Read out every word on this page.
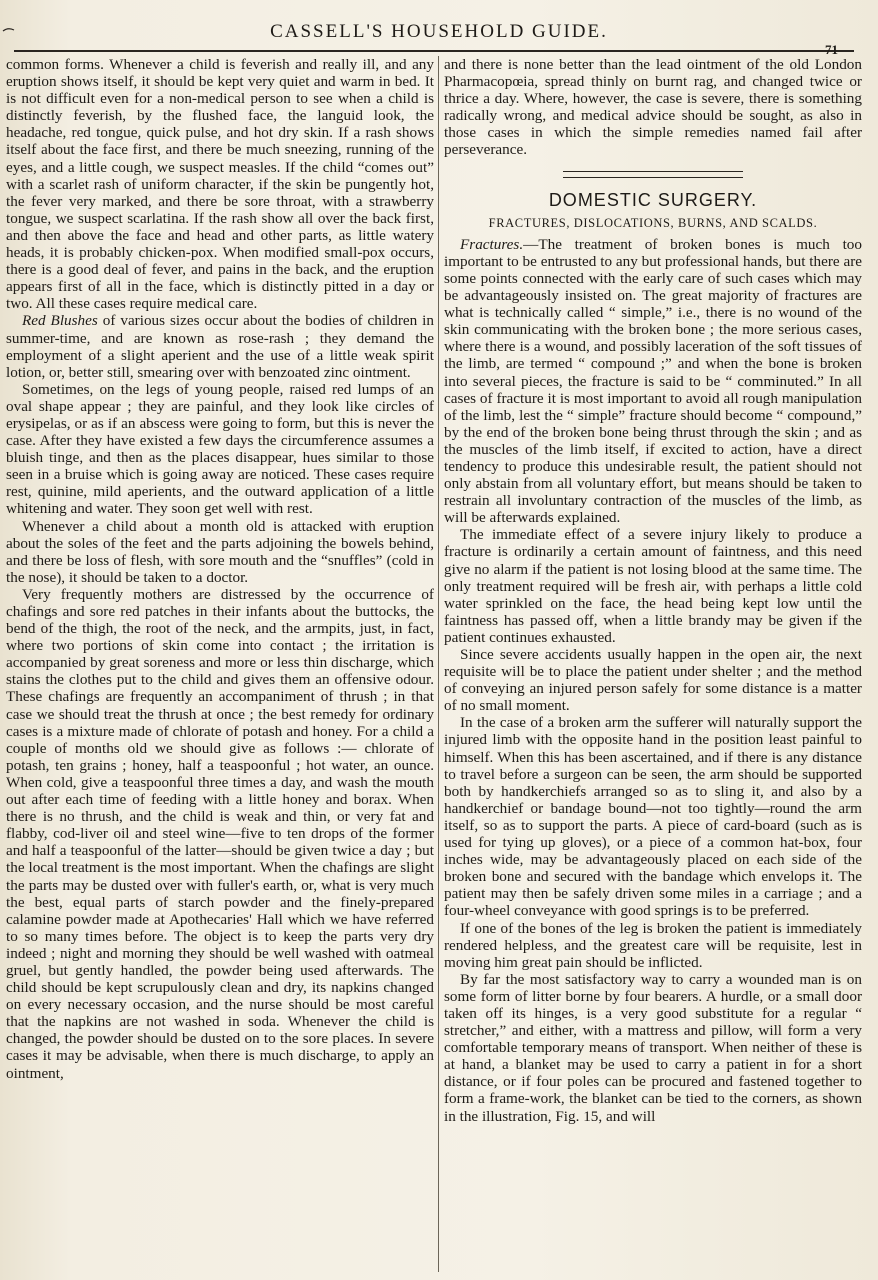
CASSELL'S HOUSEHOLD GUIDE.
71

common forms. Whenever a child is feverish and really ill, and any eruption shows itself, it should be kept very quiet and warm in bed. It is not difficult even for a non-medical person to see when a child is distinctly feverish, by the flushed face, the languid look, the headache, red tongue, quick pulse, and hot dry skin. If a rash shows itself about the face first, and there be much sneezing, running of the eyes, and a little cough, we suspect measles. If the child “comes out” with a scarlet rash of uniform character, if the skin be pungently hot, the fever very marked, and there be sore throat, with a strawberry tongue, we suspect scarlatina. If the rash show all over the back first, and then above the face and head and other parts, as little watery heads, it is probably chicken-pox. When modified small-pox occurs, there is a good deal of fever, and pains in the back, and the eruption appears first of all in the face, which is distinctly pitted in a day or two. All these cases require medical care.

Red Blushes of various sizes occur about the bodies of children in summer-time, and are known as rose-rash ; they demand the employment of a slight aperient and the use of a little weak spirit lotion, or, better still, smearing over with benzoated zinc ointment.

Sometimes, on the legs of young people, raised red lumps of an oval shape appear ; they are painful, and they look like circles of erysipelas, or as if an abscess were going to form, but this is never the case. After they have existed a few days the circumference assumes a bluish tinge, and then as the places disappear, hues similar to those seen in a bruise which is going away are noticed. These cases require rest, quinine, mild aperients, and the outward application of a little whitening and water. They soon get well with rest.

Whenever a child about a month old is attacked with eruption about the soles of the feet and the parts adjoining the bowels behind, and there be loss of flesh, with sore mouth and the “snuffles” (cold in the nose), it should be taken to a doctor.

Very frequently mothers are distressed by the occurrence of chafings and sore red patches in their infants about the buttocks, the bend of the thigh, the root of the neck, and the armpits, just, in fact, where two portions of skin come into contact ; the irritation is accompanied by great soreness and more or less thin discharge, which stains the clothes put to the child and gives them an offensive odour. These chafings are frequently an accompaniment of thrush ; in that case we should treat the thrush at once ; the best remedy for ordinary cases is a mixture made of chlorate of potash and honey. For a child a couple of months old we should give as follows :— chlorate of potash, ten grains ; honey, half a teaspoonful ; hot water, an ounce. When cold, give a teaspoonful three times a day, and wash the mouth out after each time of feeding with a little honey and borax. When there is no thrush, and the child is weak and thin, or very fat and flabby, cod-liver oil and steel wine—five to ten drops of the former and half a teaspoonful of the latter—should be given twice a day ; but the local treatment is the most important. When the chafings are slight the parts may be dusted over with fuller's earth, or, what is very much the best, equal parts of starch powder and the finely-prepared calamine powder made at Apothecaries' Hall which we have referred to so many times before. The object is to keep the parts very dry indeed ; night and morning they should be well washed with oatmeal gruel, but gently handled, the powder being used afterwards. The child should be kept scrupulously clean and dry, its napkins changed on every necessary occasion, and the nurse should be most careful that the napkins are not washed in soda. Whenever the child is changed, the powder should be dusted on to the sore places. In severe cases it may be advisable, when there is much discharge, to apply an ointment,

and there is none better than the lead ointment of the old London Pharmacopœia, spread thinly on burnt rag, and changed twice or thrice a day. Where, however, the case is severe, there is something radically wrong, and medical advice should be sought, as also in those cases in which the simple remedies named fail after perseverance.

DOMESTIC SURGERY.
FRACTURES, DISLOCATIONS, BURNS, AND SCALDS.

Fractures.—The treatment of broken bones is much too important to be entrusted to any but professional hands, but there are some points connected with the early care of such cases which may be advantageously insisted on. The great majority of fractures are what is technically called “ simple,” i.e., there is no wound of the skin communicating with the broken bone ; the more serious cases, where there is a wound, and possibly laceration of the soft tissues of the limb, are termed “ compound ;” and when the bone is broken into several pieces, the fracture is said to be “ comminuted.” In all cases of fracture it is most important to avoid all rough manipulation of the limb, lest the “ simple” fracture should become “ compound,” by the end of the broken bone being thrust through the skin ; and as the muscles of the limb itself, if excited to action, have a direct tendency to produce this undesirable result, the patient should not only abstain from all voluntary effort, but means should be taken to restrain all involuntary contraction of the muscles of the limb, as will be afterwards explained.

The immediate effect of a severe injury likely to produce a fracture is ordinarily a certain amount of faintness, and this need give no alarm if the patient is not losing blood at the same time. The only treatment required will be fresh air, with perhaps a little cold water sprinkled on the face, the head being kept low until the faintness has passed off, when a little brandy may be given if the patient continues exhausted.

Since severe accidents usually happen in the open air, the next requisite will be to place the patient under shelter ; and the method of conveying an injured person safely for some distance is a matter of no small moment.

In the case of a broken arm the sufferer will naturally support the injured limb with the opposite hand in the position least painful to himself. When this has been ascertained, and if there is any distance to travel before a surgeon can be seen, the arm should be supported both by handkerchiefs arranged so as to sling it, and also by a handkerchief or bandage bound—not too tightly—round the arm itself, so as to support the parts. A piece of card-board (such as is used for tying up gloves), or a piece of a common hat-box, four inches wide, may be advantageously placed on each side of the broken bone and secured with the bandage which envelops it. The patient may then be safely driven some miles in a carriage ; and a four-wheel conveyance with good springs is to be preferred.

If one of the bones of the leg is broken the patient is immediately rendered helpless, and the greatest care will be requisite, lest in moving him great pain should be inflicted.

By far the most satisfactory way to carry a wounded man is on some form of litter borne by four bearers. A hurdle, or a small door taken off its hinges, is a very good substitute for a regular “ stretcher,” and either, with a mattress and pillow, will form a very comfortable temporary means of transport. When neither of these is at hand, a blanket may be used to carry a patient in for a short distance, or if four poles can be procured and fastened together to form a frame-work, the blanket can be tied to the corners, as shown in the illustration, Fig. 15, and will
